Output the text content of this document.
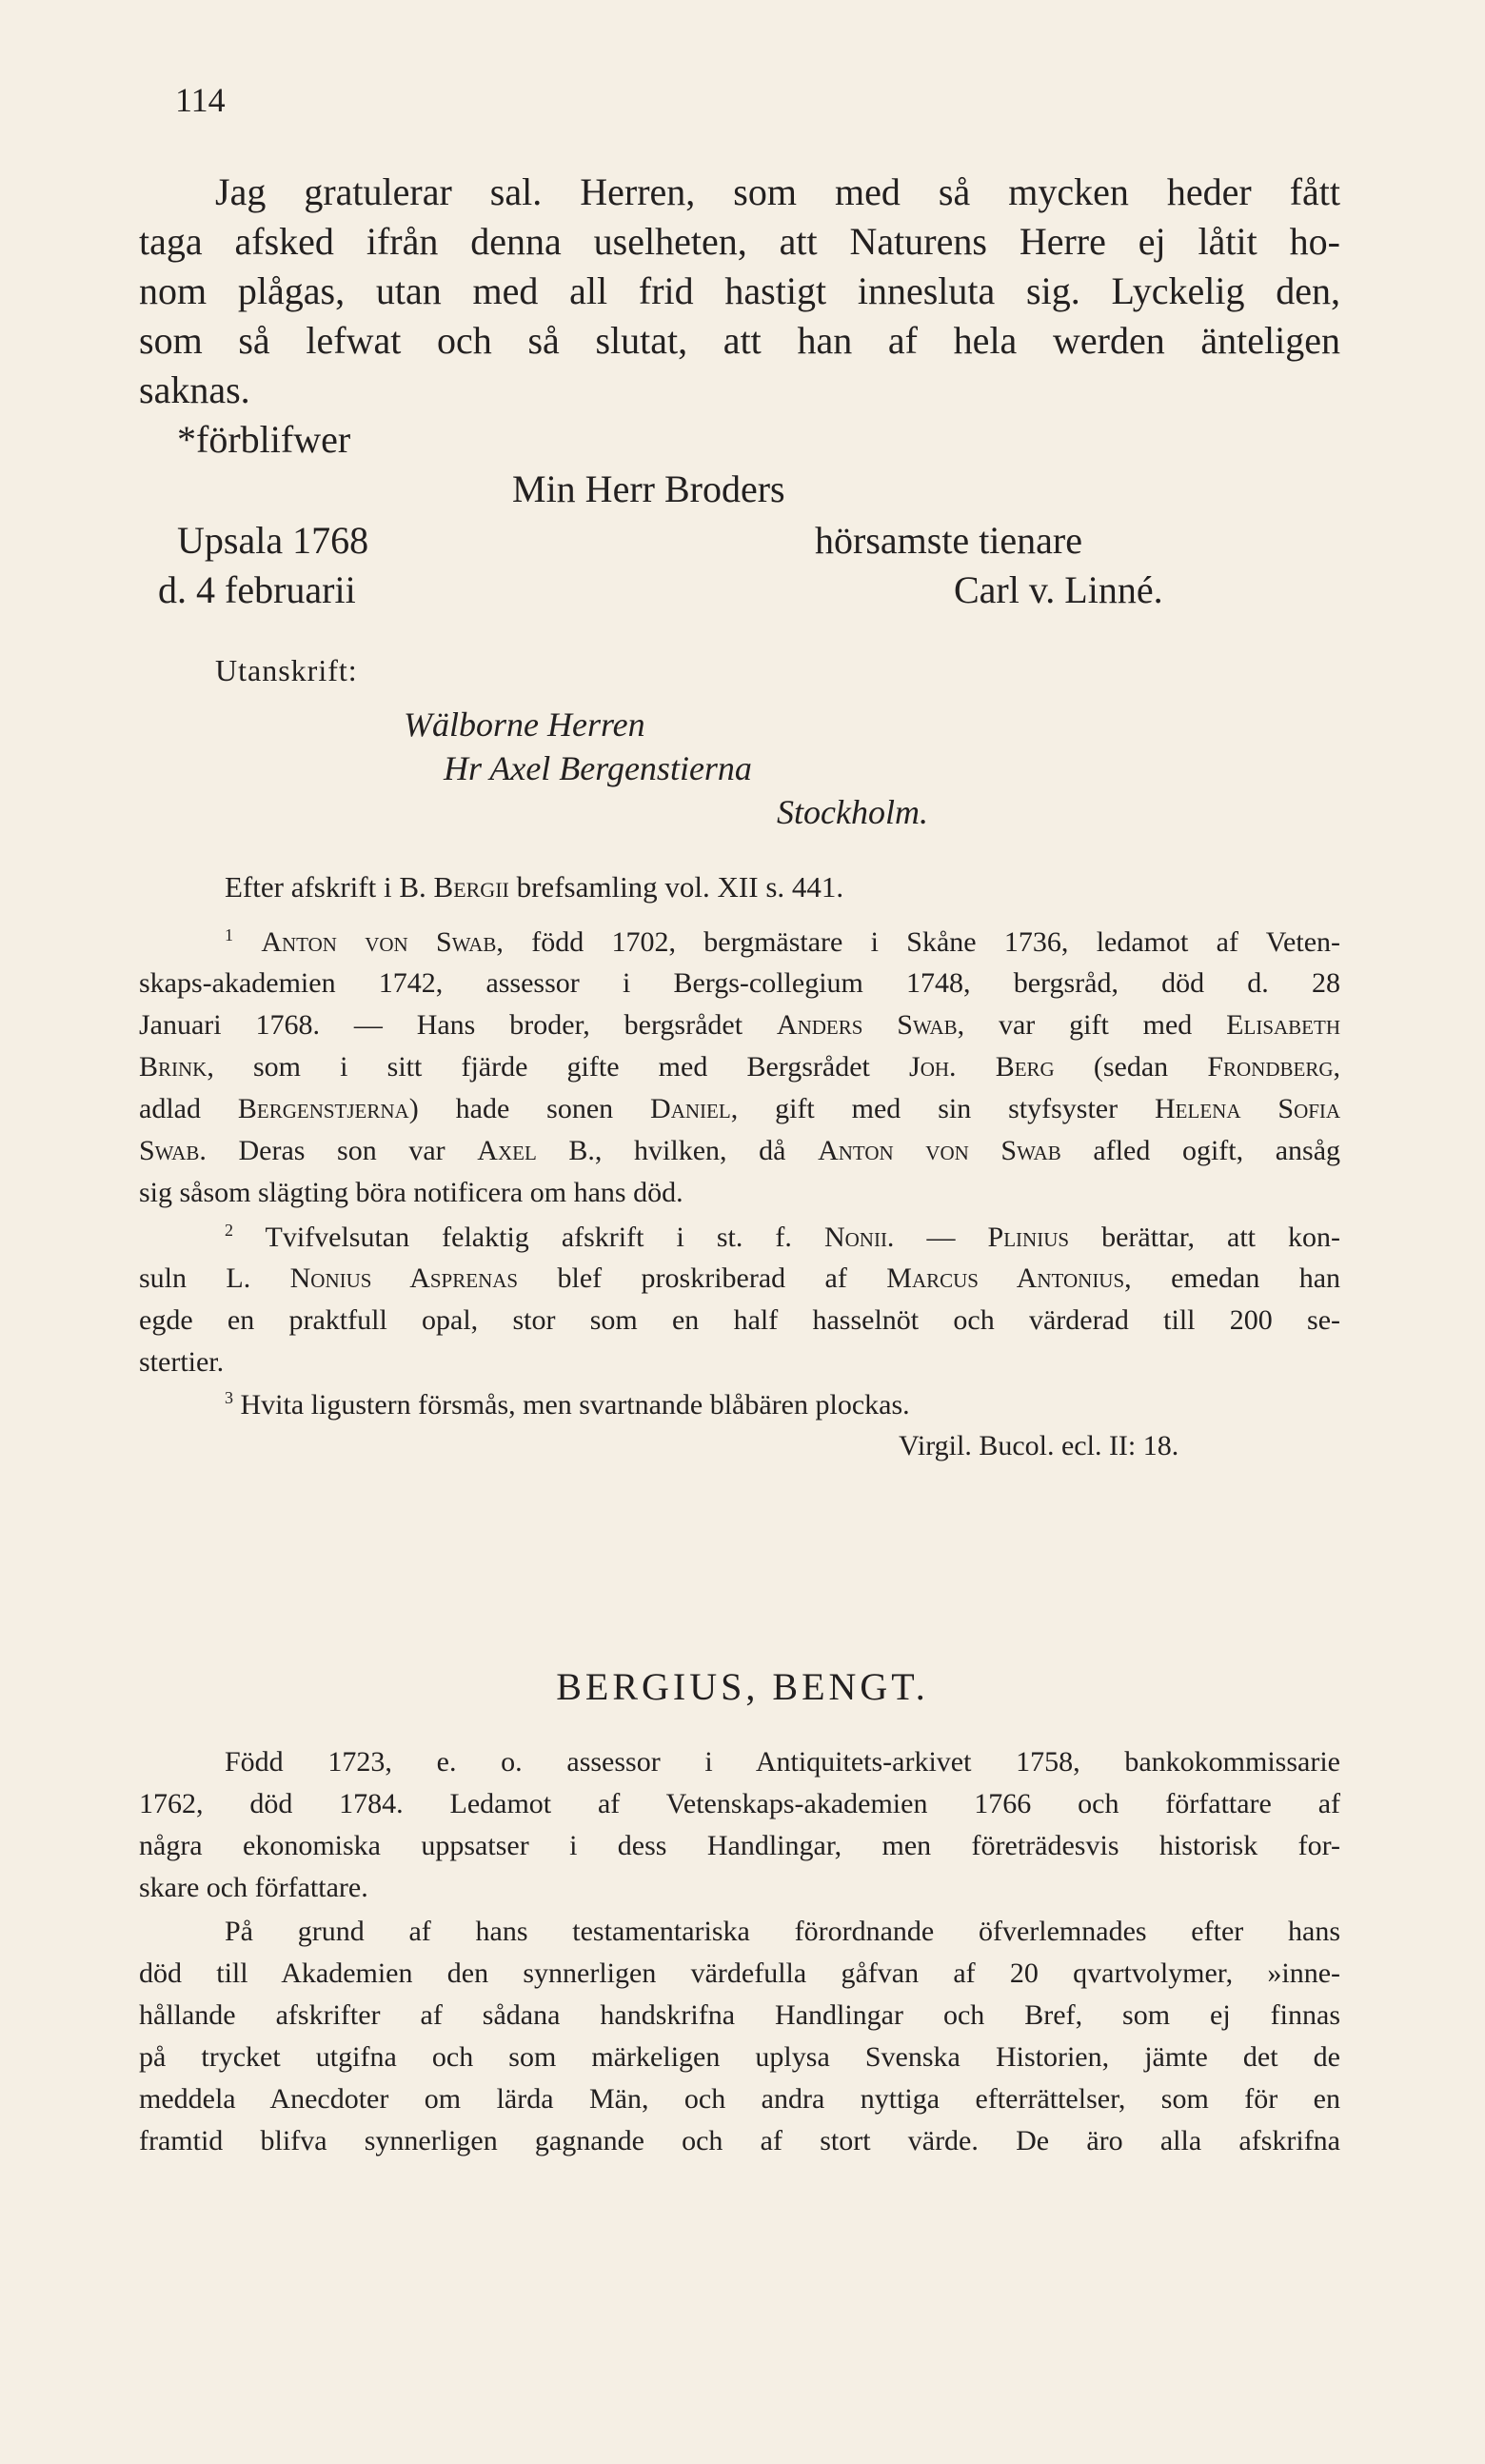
114
Jag gratulerar sal. Herren, som med så mycken heder fått
taga afsked ifrån denna uselheten, att Naturens Herre ej låtit ho-
nom plågas, utan med all frid hastigt innesluta sig. Lyckelig den,
som så lefwat och så slutat, att han af hela werden änteligen
saknas.
*förblifwer
Min Herr Broders
Upsala 1768	hörsamste tienare
d. 4 februarii	Carl v. Linné.
Utanskrift:
Wälborne Herren
Hr Axel Bergenstierna
Stockholm.
Efter afskrift i B. Bergii brefsamling vol. XII s. 441.
$^1$ Anton von Swab, född 1702, bergmästare i Skåne 1736, ledamot af Veten-
skaps-akademien 1742, assessor i Bergs-collegium 1748, bergsråd, död d. 28
Januari 1768. — Hans broder, bergsrådet Anders Swab, var gift med Elisabeth
Brink, som i sitt fjärde gifte med Bergsrådet Joh. Berg (sedan Frondberg,
adlad Bergenstjerna) hade sonen Daniel, gift med sin styfsyster Helena Sofia
Swab. Deras son var Axel B., hvilken, då Anton von Swab afled ogift, ansåg
sig såsom slägting böra notificera om hans död.
$^2$ Tvifvelsutan felaktig afskrift i st. f. Nonii. — Plinius berättar, att kon-
suln L. Nonius Asprenas blef proskriberad af Marcus Antonius, emedan han
egde en praktfull opal, stor som en half hasselnöt och värderad till 200 se-
stertier.
$^3$ Hvita ligustern försmås, men svartnande blåbären plockas.
Virgil. Bucol. ecl. II: 18.
BERGIUS, BENGT.
Född 1723, e. o. assessor i Antiquitets-arkivet 1758, bankokommissarie
1762, död 1784. Ledamot af Vetenskaps-akademien 1766 och författare af
några ekonomiska uppsatser i dess Handlingar, men företrädesvis historisk for-
skare och författare.
På grund af hans testamentariska förordnande öfverlemnades efter hans
död till Akademien den synnerligen värdefulla gåfvan af 20 qvartvolymer, »inne-
hållande afskrifter af sådana handskrifna Handlingar och Bref, som ej finnas
på trycket utgifna och som märkeligen uplysa Svenska Historien, jämte det de
meddela Anecdoter om lärda Män, och andra nyttiga efterrättelser, som för en
framtid blifva synnerligen gagnande och af stort värde. De äro alla afskrifna
